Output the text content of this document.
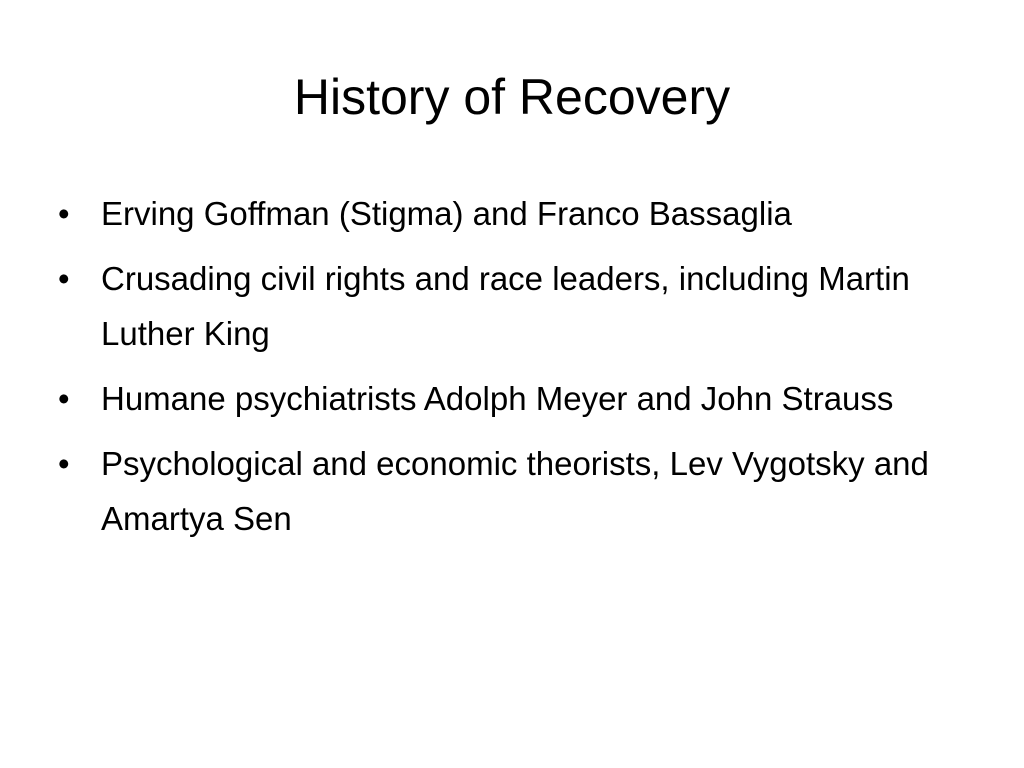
History of Recovery
• Erving Goffman (Stigma) and Franco Bassaglia
• Crusading civil rights and race leaders, including Martin Luther King
• Humane psychiatrists Adolph Meyer and John Strauss
• Psychological and economic theorists, Lev Vygotsky and Amartya Sen
